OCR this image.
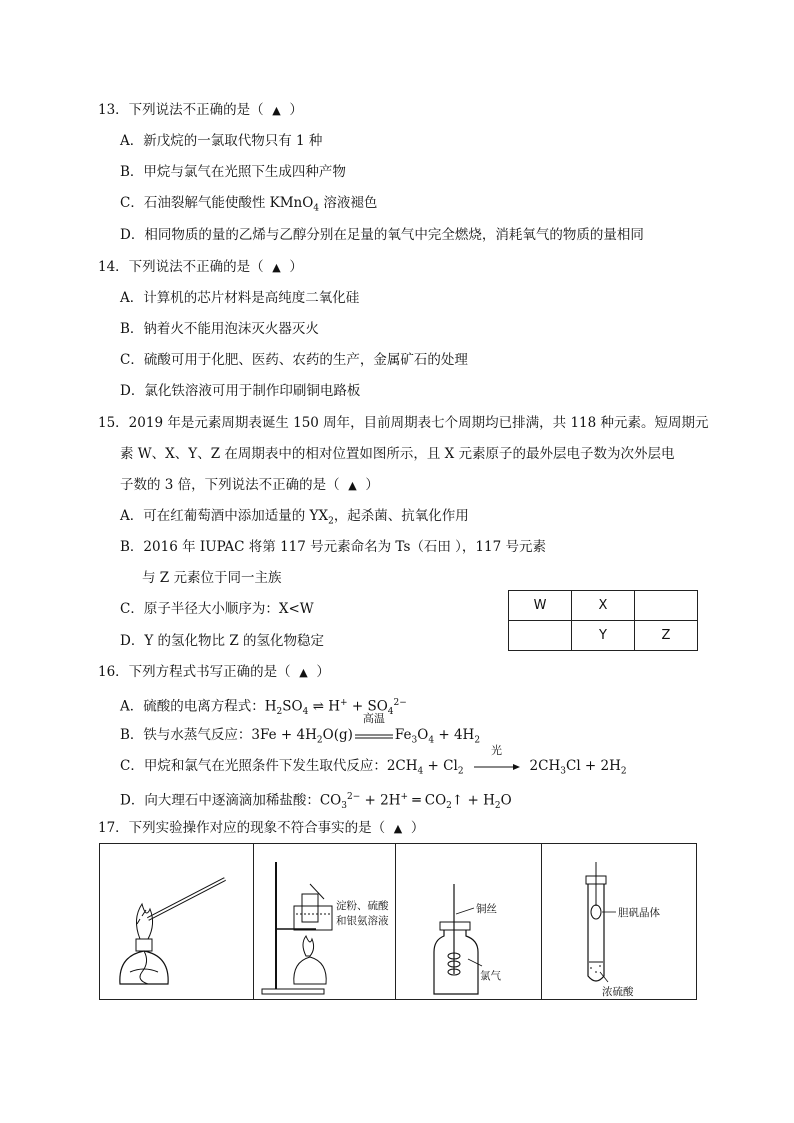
13．下列说法不正确的是（ ▲ ）
A．新戊烷的一氯取代物只有 1 种
B．甲烷与氯气在光照下生成四种产物
C．石油裂解气能使酸性 KMnO$_4$ 溶液褪色
D．相同物质的量的乙烯与乙醇分别在足量的氧气中完全燃烧，消耗氧气的物质的量相同
14．下列说法不正确的是（ ▲ ）
A．计算机的芯片材料是高纯度二氧化硅
B．钠着火不能用泡沫灭火器灭火
C．硫酸可用于化肥、医药、农药的生产，金属矿石的处理
D．氯化铁溶液可用于制作印刷铜电路板
15．2019 年是元素周期表诞生 150 周年，目前周期表七个周期均已排满，共 118 种元素。短周期元
素 W、X、Y、Z 在周期表中的相对位置如图所示，且 X 元素原子的最外层电子数为次外层电
子数的 3 倍，下列说法不正确的是（ ▲ ）
A．可在红葡萄酒中添加适量的 $YX_2$，起杀菌、抗氧化作用
B．2016 年 IUPAC 将第 117 号元素命名为 Ts（石田 ），117 号元素
与 Z 元素位于同一主族
C．原子半径大小顺序为：X<W
D．Y 的氢化物比 Z 的氢化物稳定
W	X	
	Y	Z
16．下列方程式书写正确的是（ ▲ ）
A．硫酸的电离方程式：$H_2SO_4$ ⇌ $H^+ + SO_4^{2-}$
B．铁与水蒸气反应：$3Fe + 4H_2O(g)$
高温
$Fe_3O_4 + 4H_2$
C．甲烷和氯气在光照条件下发生取代反应：$2CH_4 + Cl_2$
光
$2CH_3Cl + 2H_2$
D．向大理石中逐滴滴加稀盐酸：$CO_3^{2-} + 2H^+$ ═ $CO_2↑ + H_2O$
17．下列实验操作对应的现象不符合事实的是（ ▲ ）
淀粉、硫酸
和银氨溶液
铜丝
氯气
胆矾晶体
浓硫酸
